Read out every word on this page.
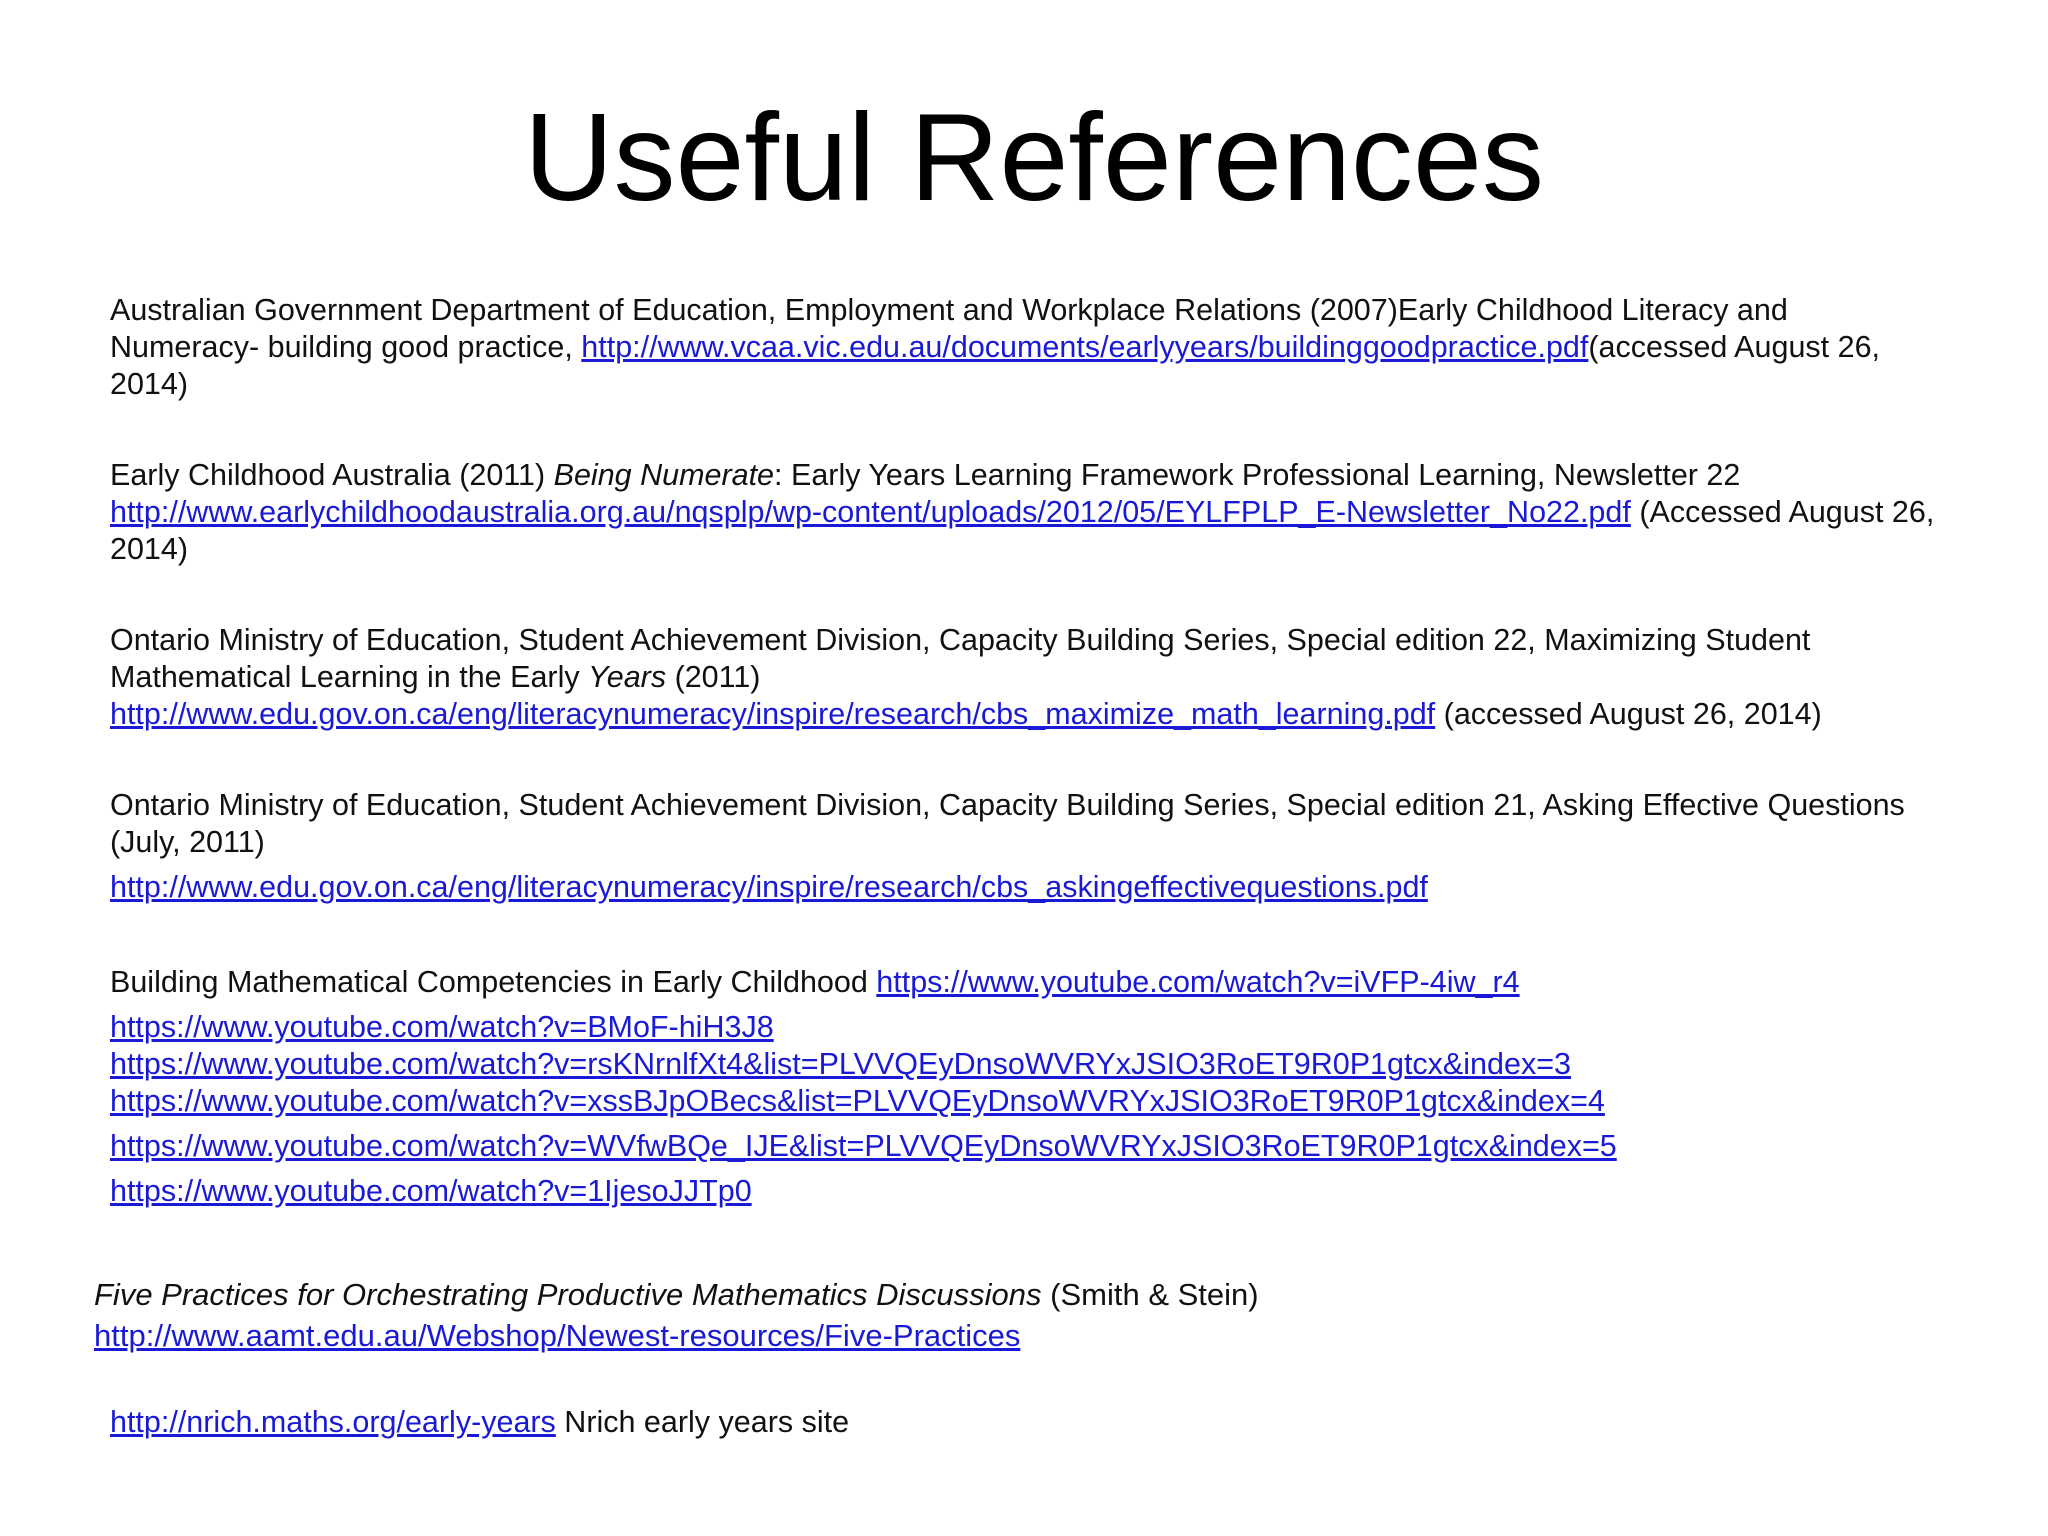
Useful References
Australian Government Department of Education, Employment and Workplace Relations (2007)Early Childhood Literacy and Numeracy- building good practice, http://www.vcaa.vic.edu.au/documents/earlyyears/buildinggoodpractice.pdf(accessed August 26, 2014)
Early Childhood Australia (2011) Being Numerate: Early Years Learning Framework Professional Learning, Newsletter 22
http://www.earlychildhoodaustralia.org.au/nqsplp/wp-content/uploads/2012/05/EYLFPLP_E-Newsletter_No22.pdf (Accessed August 26, 2014)
Ontario Ministry of Education, Student Achievement Division, Capacity Building Series, Special edition 22, Maximizing Student Mathematical Learning in the Early Years (2011)
http://www.edu.gov.on.ca/eng/literacynumeracy/inspire/research/cbs_maximize_math_learning.pdf (accessed August 26, 2014)
Ontario Ministry of Education, Student Achievement Division, Capacity Building Series, Special edition 21, Asking Effective Questions (July, 2011)
http://www.edu.gov.on.ca/eng/literacynumeracy/inspire/research/cbs_askingeffectivequestions.pdf
Building Mathematical Competencies in Early Childhood https://www.youtube.com/watch?v=iVFP-4iw_r4
https://www.youtube.com/watch?v=BMoF-hiH3J8
https://www.youtube.com/watch?v=rsKNrnlfXt4&list=PLVVQEyDnsoWVRYxJSIO3RoET9R0P1gtcx&index=3
https://www.youtube.com/watch?v=xssBJpOBecs&list=PLVVQEyDnsoWVRYxJSIO3RoET9R0P1gtcx&index=4
https://www.youtube.com/watch?v=WVfwBQe_IJE&list=PLVVQEyDnsoWVRYxJSIO3RoET9R0P1gtcx&index=5
https://www.youtube.com/watch?v=1IjesoJJTp0
Five Practices for Orchestrating Productive Mathematics Discussions (Smith & Stein)
http://www.aamt.edu.au/Webshop/Newest-resources/Five-Practices
http://nrich.maths.org/early-years Nrich early years site
